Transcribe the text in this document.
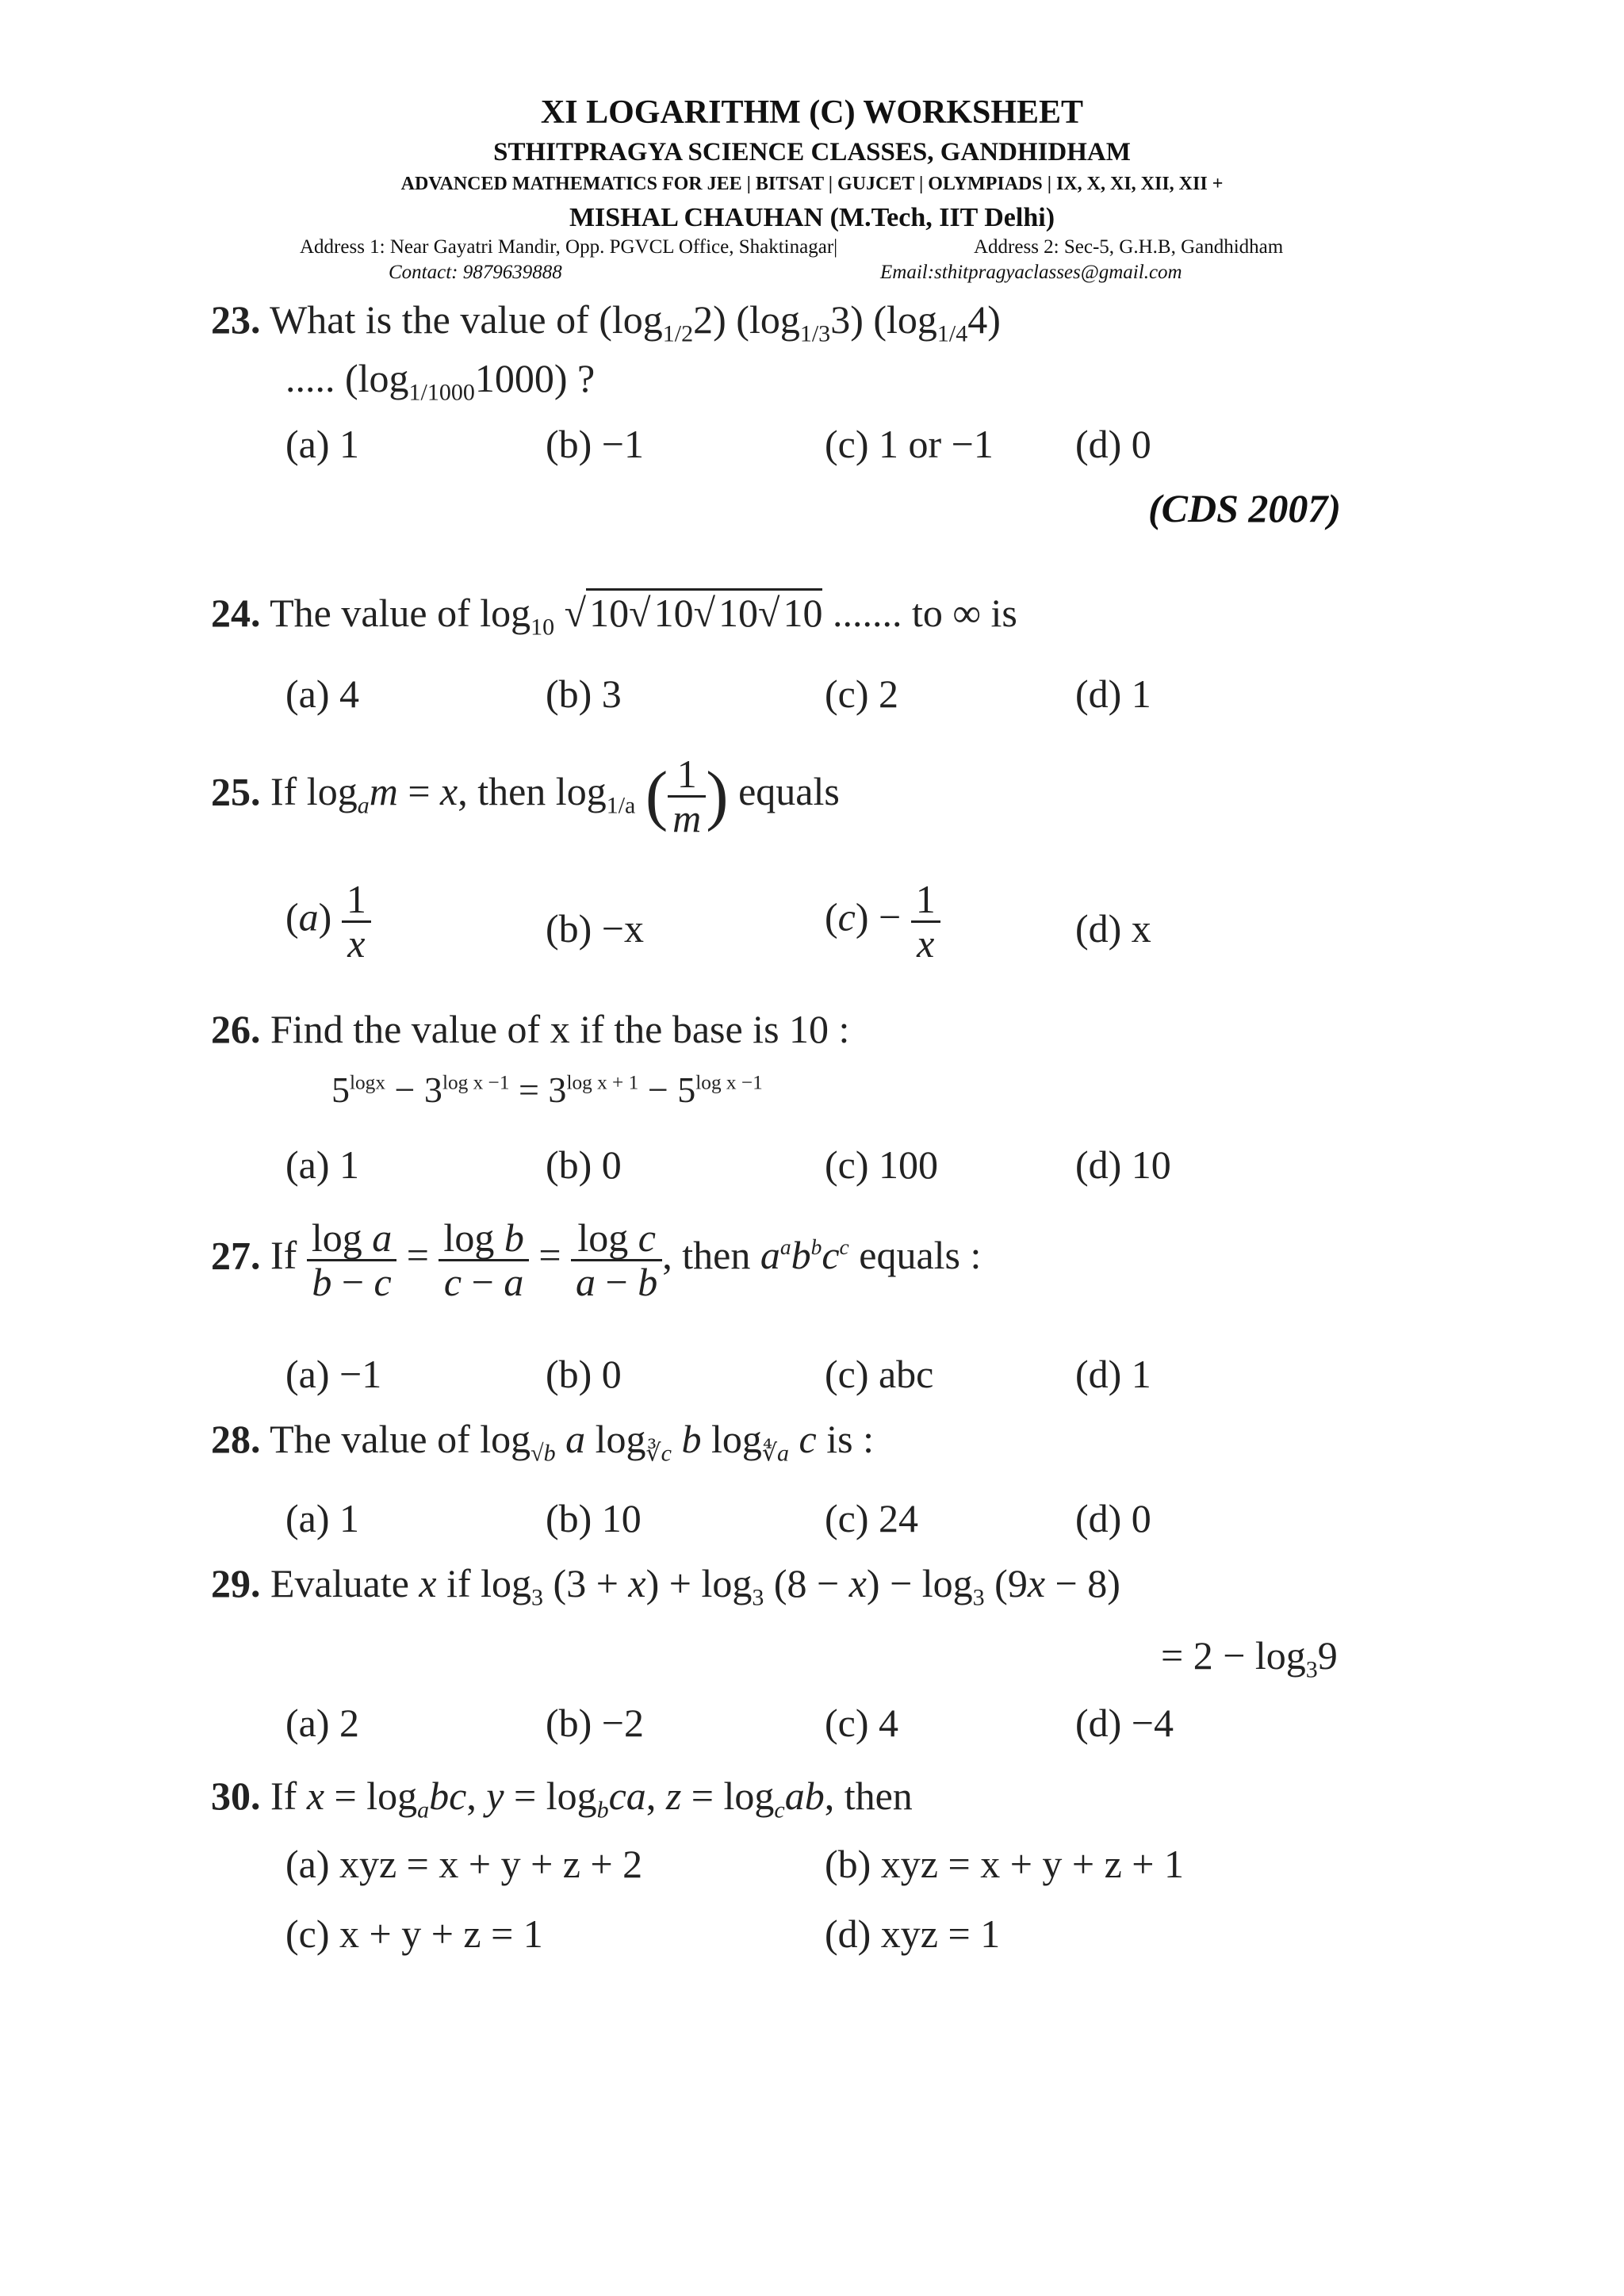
XI LOGARITHM (C) WORKSHEET
STHITPRAGYA SCIENCE CLASSES, GANDHIDHAM
ADVANCED MATHEMATICS FOR JEE | BITSAT | GUJCET | OLYMPIADS | IX, X, XI, XII, XII +
MISHAL CHAUHAN (M.Tech, IIT Delhi)
Address 1: Near Gayatri Mandir, Opp. PGVCL Office, Shaktinagar|	Address 2: Sec-5, G.H.B, Gandhidham
Contact: 9879639888	Email:sthitpragyaclasses@gmail.com
23. What is the value of $(\log_{1/2}2)$ $(\log_{1/3}3)$ $(\log_{1/4}4)$
..... $(\log_{1/1000}1000)$ ?
(a) 1	(b) −1	(c) 1 or −1 (d) 0
(CDS 2007)
24. The value of $\log_{10} √10√10√10√10$ ....... to ∞ is
(a) 4	(b) 3	(c) 2	(d) 1
25. If $\log_am = x$, then $\log_{1/a}$ ( $\frac{1}{m}$ ) equals
$(a) \frac{1}{x}$	(b) −x	$(c) - \frac{1}{x}$	(d) x
26. Find the value of x if the base is 10 :
$5^{logx} - 3^{log x -1} = 3^{log x + 1} - 5^{log x -1}$
(a) 1	(b) 0	(c) 100	(d) 10
27. If $\frac{\text{log a}}{b - c} = \frac{\text{log b}}{c - a} = \frac{\text{log c}}{a - b}$ , then $a^ab^bc^c$ equals :
(a) −1	(b) 0	(c) abc	(d) 1
28. The value of $\log_{√b} a$ $\log_{∛c} b$ $\log_{∜a} c$ is :
(a) 1	(b) 10	(c) 24	(d) 0
29. Evaluate x if $\log_3 (3 + x) + \log_3 (8 - x) - \log_3 (9x - 8)$
= $2 - \log_39$
(a) 2	(b) −2	(c) 4	(d) −4
30. If $x = \log_abc$, $y = \log_bca$, $z = \log_cab$, then
(a) xyz = x + y + z + 2	(b) xyz = x + y + z + 1
(c) x + y + z = 1	(d) xyz = 1
